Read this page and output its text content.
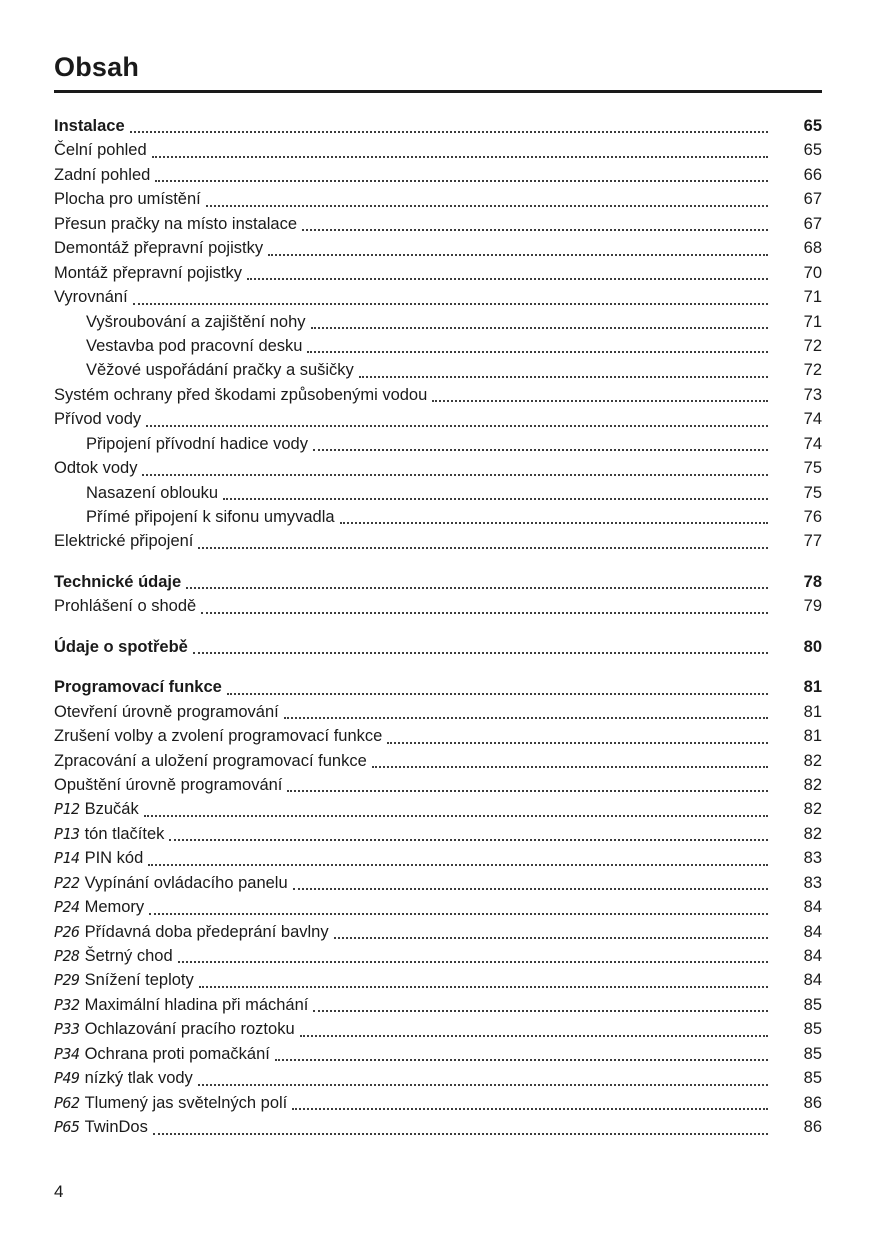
Obsah
Instalace	65
Čelní pohled	65
Zadní pohled	66
Plocha pro umístění	67
Přesun pračky na místo instalace	67
Demontáž přepravní pojistky	68
Montáž přepravní pojistky	70
Vyrovnání	71
Vyšroubování a zajištění nohy	71
Vestavba pod pracovní desku	72
Věžové uspořádání pračky a sušičky	72
Systém ochrany před škodami způsobenými vodou	73
Přívod vody	74
Připojení přívodní hadice vody	74
Odtok vody	75
Nasazení oblouku	75
Přímé připojení k sifonu umyvadla	76
Elektrické připojení	77
Technické údaje	78
Prohlášení o shodě	79
Údaje o spotřebě	80
Programovací funkce	81
Otevření úrovně programování	81
Zrušení volby a zvolení programovací funkce	81
Zpracování a uložení programovací funkce	82
Opuštění úrovně programování	82
P12 Bzučák	82
P13 tón tlačítek	82
P14 PIN kód	83
P22 Vypínání ovládacího panelu	83
P24 Memory	84
P26 Přídavná doba předeprání bavlny	84
P28 Šetrný chod	84
P29 Snížení teploty	84
P32 Maximální hladina při máchání	85
P33 Ochlazování pracího roztoku	85
P34 Ochrana proti pomačkání	85
P49 nízký tlak vody	85
P62 Tlumený jas světelných polí	86
P65 TwinDos	86
4
